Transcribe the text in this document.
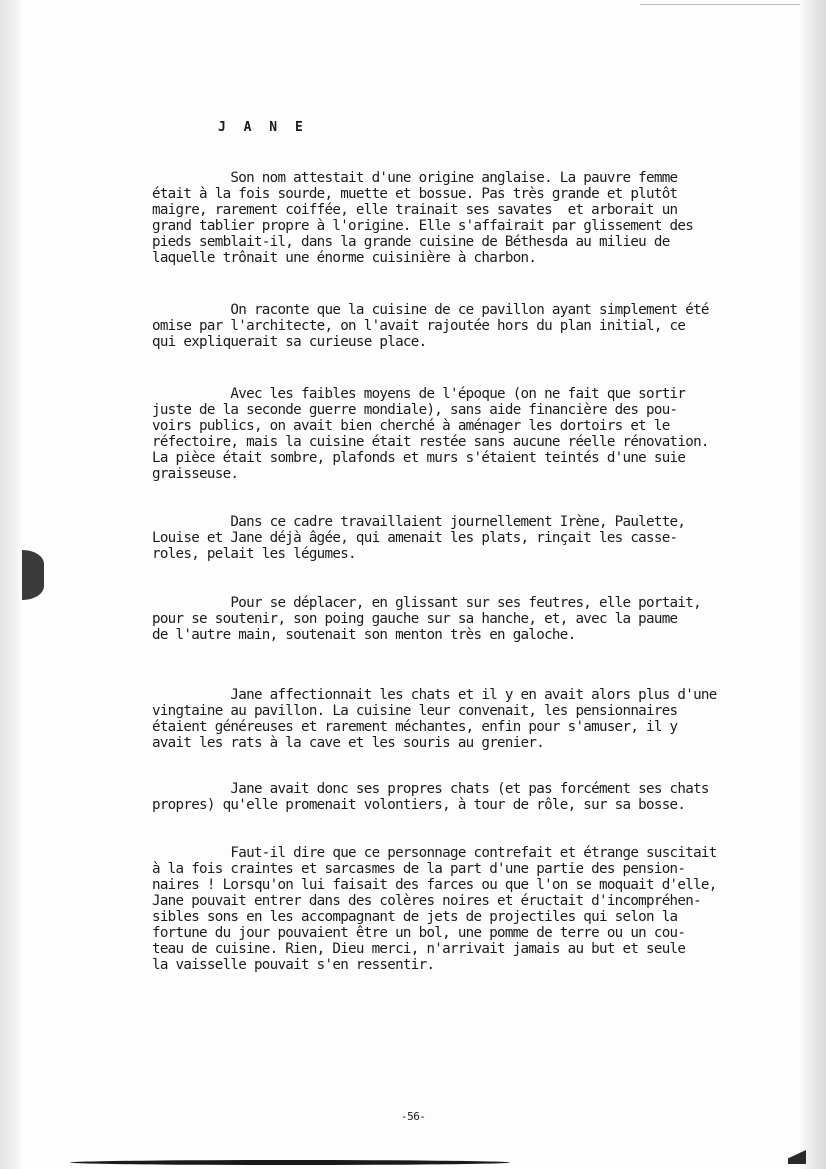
J A N E

Son nom attestait d'une origine anglaise. La pauvre femme
était à la fois sourde, muette et bossue. Pas très grande et plutôt
maigre, rarement coiffée, elle trainait ses savates  et arborait un
grand tablier propre à l'origine. Elle s'affairait par glissement des
pieds semblait-il, dans la grande cuisine de Béthesda au milieu de
laquelle trônait une énorme cuisinière à charbon.

On raconte que la cuisine de ce pavillon ayant simplement été
omise par l'architecte, on l'avait rajoutée hors du plan initial, ce
qui expliquerait sa curieuse place.

Avec les faibles moyens de l'époque (on ne fait que sortir
juste de la seconde guerre mondiale), sans aide financière des pou-
voirs publics, on avait bien cherché à aménager les dortoirs et le
réfectoire, mais la cuisine était restée sans aucune réelle rénovation.
La pièce était sombre, plafonds et murs s'étaient teintés d'une suie
graisseuse.

Dans ce cadre travaillaient journellement Irène, Paulette,
Louise et Jane déjà âgée, qui amenait les plats, rinçait les casse-
roles, pelait les légumes.

Pour se déplacer, en glissant sur ses feutres, elle portait,
pour se soutenir, son poing gauche sur sa hanche, et, avec la paume
de l'autre main, soutenait son menton très en galoche.

Jane affectionnait les chats et il y en avait alors plus d'une
vingtaine au pavillon. La cuisine leur convenait, les pensionnaires
étaient généreuses et rarement méchantes, enfin pour s'amuser, il y
avait les rats à la cave et les souris au grenier.

Jane avait donc ses propres chats (et pas forcément ses chats
propres) qu'elle promenait volontiers, à tour de rôle, sur sa bosse.

Faut-il dire que ce personnage contrefait et étrange suscitait
à la fois craintes et sarcasmes de la part d'une partie des pension-
naires ! Lorsqu'on lui faisait des farces ou que l'on se moquait d'elle,
Jane pouvait entrer dans des colères noires et éructait d'incompréhen-
sibles sons en les accompagnant de jets de projectiles qui selon la
fortune du jour pouvaient être un bol, une pomme de terre ou un cou-
teau de cuisine. Rien, Dieu merci, n'arrivait jamais au but et seule
la vaisselle pouvait s'en ressentir.

-56-
